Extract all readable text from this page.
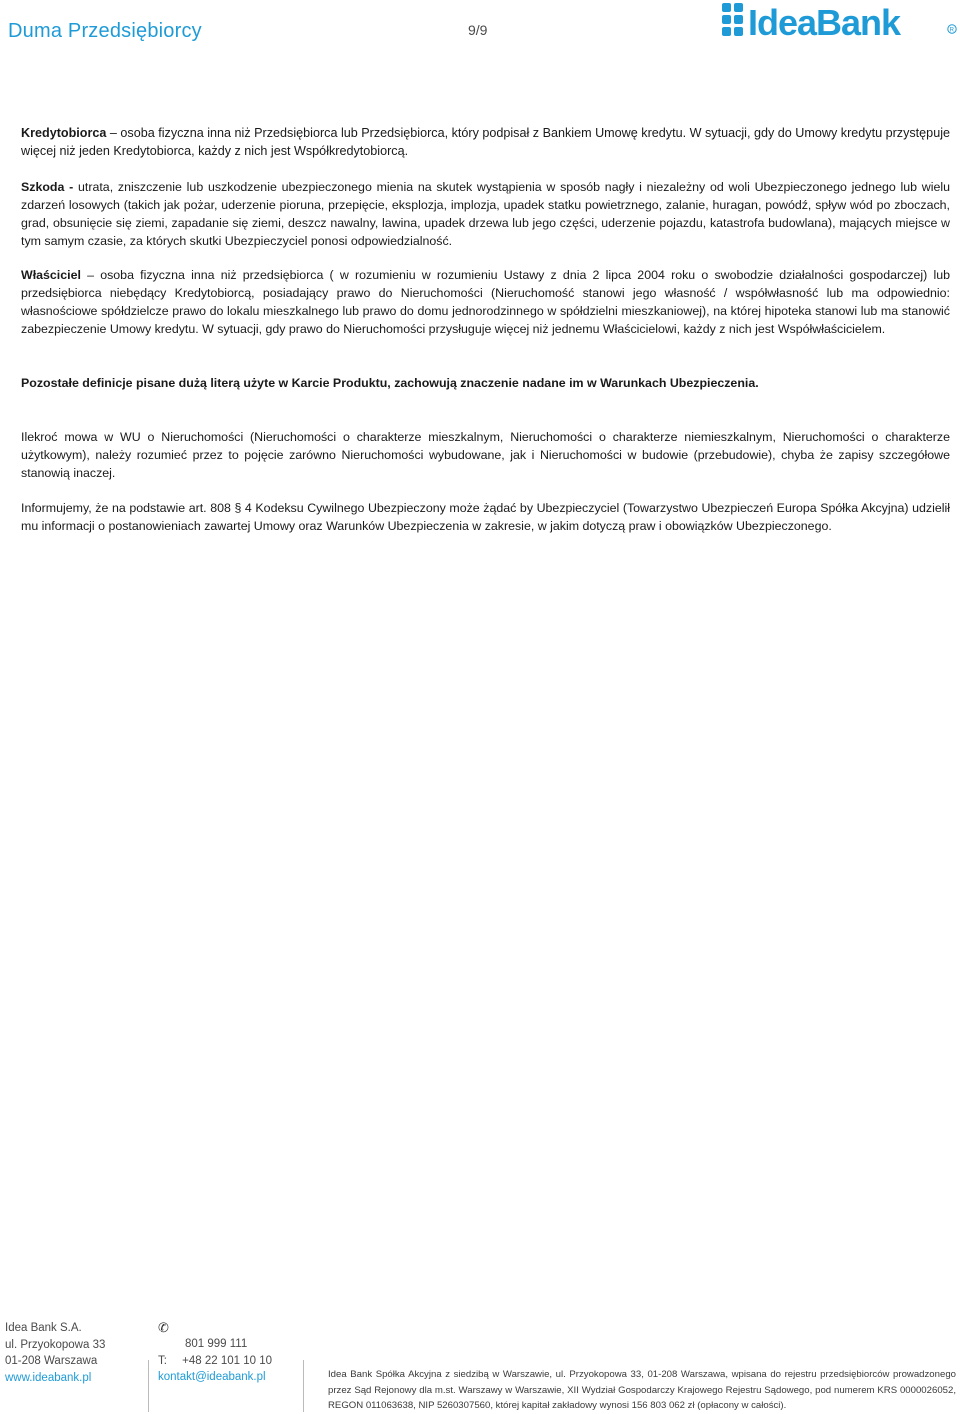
Duma Przedsiębiorcy	9/9	IdeaBank	R
Kredytobiorca – osoba fizyczna inna niż Przedsiębiorca lub Przedsiębiorca, który podpisał z Bankiem Umowę kredytu. W sytuacji, gdy do Umowy kredytu przystępuje więcej niż jeden Kredytobiorca, każdy z nich jest Współkredytobiorcą.
Szkoda - utrata, zniszczenie lub uszkodzenie ubezpieczonego mienia na skutek wystąpienia w sposób nagły i niezależny od woli Ubezpieczonego jednego lub wielu zdarzeń losowych (takich jak pożar, uderzenie pioruna, przepięcie, eksplozja, implozja, upadek statku powietrznego, zalanie, huragan, powódź, spływ wód po zboczach, grad, obsunięcie się ziemi, zapadanie się ziemi, deszcz nawalny, lawina, upadek drzewa lub jego części, uderzenie pojazdu, katastrofa budowlana), mających miejsce w tym samym czasie, za których skutki Ubezpieczyciel ponosi odpowiedzialność.
Właściciel – osoba fizyczna inna niż przedsiębiorca ( w rozumieniu w rozumieniu Ustawy z dnia 2 lipca 2004 roku o swobodzie działalności gospodarczej) lub przedsiębiorca niebędący Kredytobiorcą, posiadający prawo do Nieruchomości (Nieruchomość stanowi jego własność / współwłasność lub ma odpowiednio: własnościowe spółdzielcze prawo do lokalu mieszkalnego lub prawo do domu jednorodzinnego w spółdzielni mieszkaniowej), na której hipoteka stanowi lub ma stanowić zabezpieczenie Umowy kredytu. W sytuacji, gdy prawo do Nieruchomości przysługuje więcej niż jednemu Właścicielowi, każdy z nich jest Współwłaścicielem.
Pozostałe definicje pisane dużą literą użyte w Karcie Produktu, zachowują znaczenie nadane im w Warunkach Ubezpieczenia.
Ilekroć mowa w WU o Nieruchomości (Nieruchomości o charakterze mieszkalnym, Nieruchomości o charakterze niemieszkalnym, Nieruchomości o charakterze użytkowym), należy rozumieć przez to pojęcie zarówno Nieruchomości wybudowane, jak i Nieruchomości w budowie (przebudowie), chyba że zapisy szczegółowe stanowią inaczej.
Informujemy, że na podstawie art. 808 § 4 Kodeksu Cywilnego Ubezpieczony może żądać by Ubezpieczyciel (Towarzystwo Ubezpieczeń Europa Spółka Akcyjna) udzielił mu informacji o postanowieniach zawartej Umowy oraz Warunków Ubezpieczenia w zakresie, w jakim dotyczą praw i obowiązków Ubezpieczonego.
Idea Bank S.A.
ul. Przyokopowa 33
01-208 Warszawa
www.ideabank.pl
✆
801 999 111
T: +48 22 101 10 10
kontakt@ideabank.pl	Idea Bank Spółka Akcyjna z siedzibą w Warszawie, ul. Przyokopowa 33, 01-208 Warszawa, wpisana do rejestru przedsiębiorców prowadzonego przez Sąd Rejonowy dla m.st. Warszawy w Warszawie, XII Wydział Gospodarczy Krajowego Rejestru Sądowego, pod numerem KRS 0000026052, REGON 011063638, NIP 5260307560, której kapitał zakładowy wynosi 156 803 062 zł (opłacony w całości).
